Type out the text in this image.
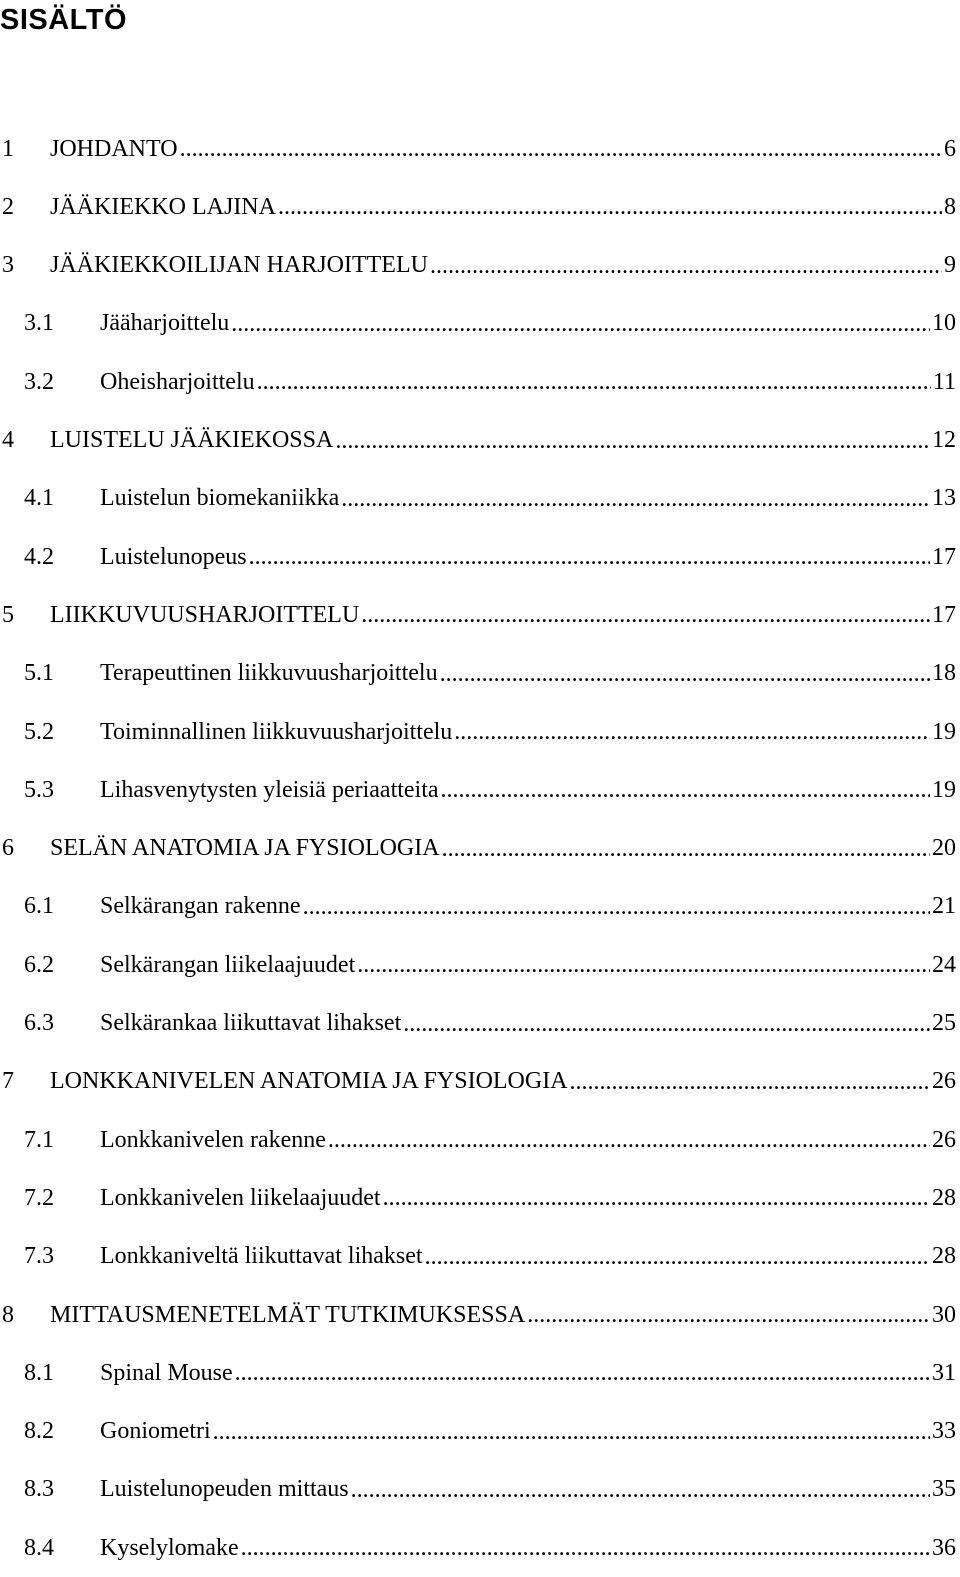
SISÄLTÖ
1	JOHDANTO .....	6
2	JÄÄKIEKKO LAJINA .....	8
3	JÄÄKIEKKOILIJAN HARJOITTELU .....	9
3.1	Jääharjoittelu .....	10
3.2	Oheisharjoittelu .....	11
4	LUISTELU JÄÄKIEKOSSA .....	12
4.1	Luistelun biomekaniikka .....	13
4.2	Luistelunopeus .....	17
5	LIIKKUVUUSHARJOITTELU .....	17
5.1	Terapeuttinen liikkuvuusharjoittelu .....	18
5.2	Toiminnallinen liikkuvuusharjoittelu .....	19
5.3	Lihasvenytysten yleisiä periaatteita .....	19
6	SELÄN ANATOMIA JA FYSIOLOGIA .....	20
6.1	Selkärangan rakenne .....	21
6.2	Selkärangan liikelaajuudet .....	24
6.3	Selkärankaa liikuttavat lihakset .....	25
7	LONKKANIVELEN ANATOMIA JA FYSIOLOGIA .....	26
7.1	Lonkkanivelen rakenne .....	26
7.2	Lonkkanivelen liikelaajuudet .....	28
7.3	Lonkkaniveltä liikuttavat lihakset .....	28
8	MITTAUSMENETELMÄT TUTKIMUKSESSA .....	30
8.1	Spinal Mouse .....	31
8.2	Goniometri .....	33
8.3	Luistelunopeuden mittaus .....	35
8.4	Kyselylomake .....	36
